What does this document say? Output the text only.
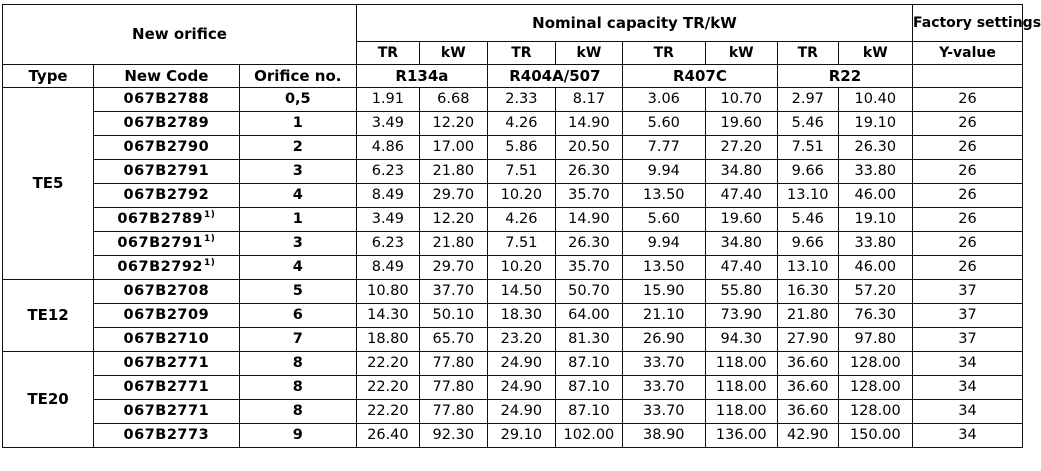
New orifice			Nominal capacity TR/kW								Factory settings
			TR	kW	TR	kW	TR	kW	TR	kW	Y-value
Type	New Code	Orifice no.	R134a		R404A/507		R407C		R22		
TE5	067B2788	0,5	1.91	6.68	2.33	8.17	3.06	10.70	2.97	10.40	26
	067B2789	1	3.49	12.20	4.26	14.90	5.60	19.60	5.46	19.10	26
	067B2790	2	4.86	17.00	5.86	20.50	7.77	27.20	7.51	26.30	26
	067B2791	3	6.23	21.80	7.51	26.30	9.94	34.80	9.66	33.80	26
	067B2792	4	8.49	29.70	10.20	35.70	13.50	47.40	13.10	46.00	26
	067B2789$^{1)}$	1	3.49	12.20	4.26	14.90	5.60	19.60	5.46	19.10	26
	067B2791$^{1)}$	3	6.23	21.80	7.51	26.30	9.94	34.80	9.66	33.80	26
	067B2792$^{1)}$	4	8.49	29.70	10.20	35.70	13.50	47.40	13.10	46.00	26
TE12	067B2708	5	10.80	37.70	14.50	50.70	15.90	55.80	16.30	57.20	37
	067B2709	6	14.30	50.10	18.30	64.00	21.10	73.90	21.80	76.30	37
	067B2710	7	18.80	65.70	23.20	81.30	26.90	94.30	27.90	97.80	37
TE20	067B2771	8	22.20	77.80	24.90	87.10	33.70	118.00	36.60	128.00	34
	067B2771	8	22.20	77.80	24.90	87.10	33.70	118.00	36.60	128.00	34
	067B2771	8	22.20	77.80	24.90	87.10	33.70	118.00	36.60	128.00	34
	067B2773	9	26.40	92.30	29.10	102.00	38.90	136.00	42.90	150.00	34
